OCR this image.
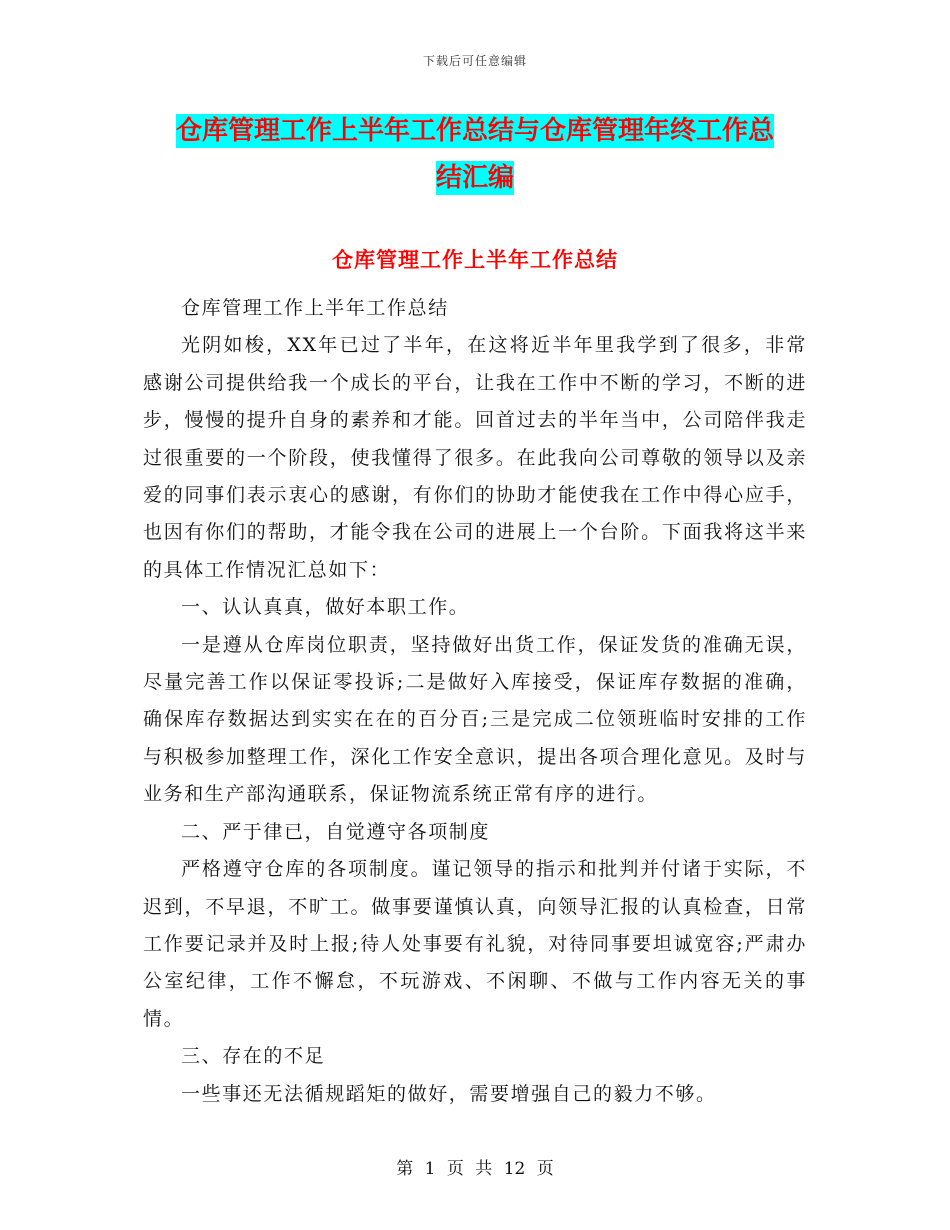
下载后可任意编辑
仓库管理工作上半年工作总结与仓库管理年终工作总
结汇编
仓库管理工作上半年工作总结

仓库管理工作上半年工作总结

光阴如梭，XX年已过了半年，在这将近半年里我学到了很多，非常感谢公司提供给我一个成长的平台，让我在工作中不断的学习，不断的进步，慢慢的提升自身的素养和才能。回首过去的半年当中，公司陪伴我走过很重要的一个阶段，使我懂得了很多。在此我向公司尊敬的领导以及亲爱的同事们表示衷心的感谢，有你们的协助才能使我在工作中得心应手，也因有你们的帮助，才能令我在公司的进展上一个台阶。下面我将这半来的具体工作情况汇总如下：

一、认认真真，做好本职工作。

一是遵从仓库岗位职责，坚持做好出货工作，保证发货的准确无误，尽量完善工作以保证零投诉;二是做好入库接受，保证库存数据的准确，确保库存数据达到实实在在的百分百;三是完成二位领班临时安排的工作与积极参加整理工作，深化工作安全意识，提出各项合理化意见。及时与业务和生产部沟通联系，保证物流系统正常有序的进行。

二、严于律已，自觉遵守各项制度

严格遵守仓库的各项制度。谨记领导的指示和批判并付诸于实际，不迟到，不早退，不旷工。做事要谨慎认真，向领导汇报的认真检查，日常工作要记录并及时上报;待人处事要有礼貌，对待同事要坦诚宽容;严肃办公室纪律，工作不懈怠，不玩游戏、不闲聊、不做与工作内容无关的事情。

三、存在的不足

一些事还无法循规蹈矩的做好，需要增强自己的毅力不够。

第 1 页 共 12 页
